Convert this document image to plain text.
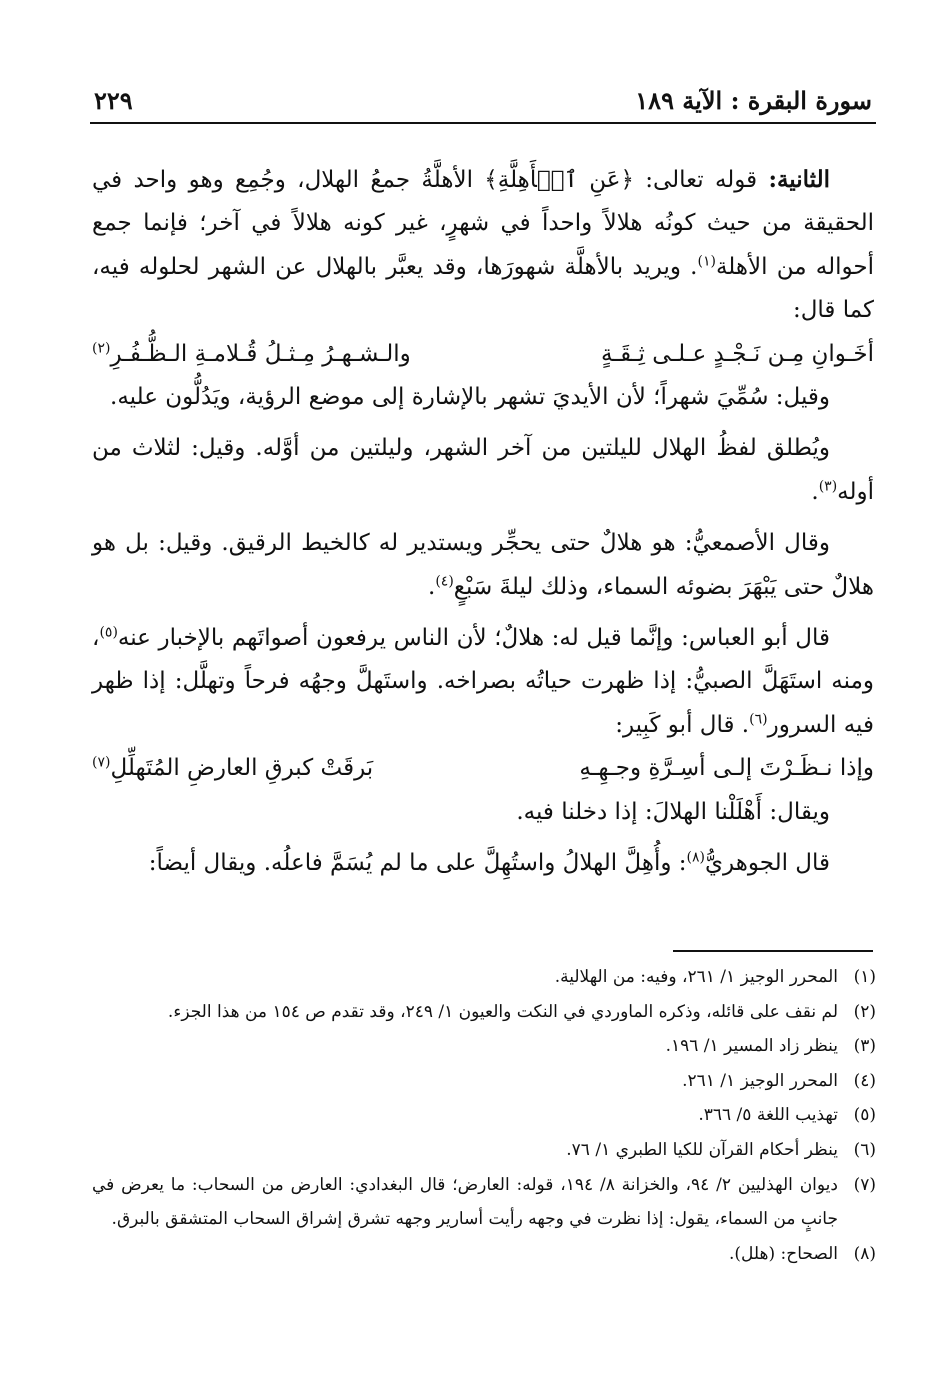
سورة البقرة : الآية ١٨٩
٢٢٩

الثانية: قوله تعالى: ﴿عَنِ ٱلۡأَهِلَّةِ﴾ الأهلَّةُ جمعُ الهلال، وجُمِع وهو واحد في الحقيقة من حيث كونُه هلالاً واحداً في شهرٍ، غير كونه هلالاً في آخر؛ فإنما جمع أحواله من الأهلة$^{(١)}$. ويريد بالأهلَّة شهورَها، وقد يعبَّر بالهلال عن الشهر لحلوله فيه، كما قال:

أخَـوانِ مِـن نَـجْـدٍ عـلـى ثِـقَـةٍ
والـشـهـرُ مِـثـلُ قُـلامـةِ الـظُّـفُـرِ$^{(٢)}$

وقيل: سُمِّيَ شهراً؛ لأن الأيديَ تشهر بالإشارة إلى موضع الرؤية، ويَدُلُّون عليه.

ويُطلق لفظُ الهلال لليلتين من آخر الشهر، وليلتين من أوَّله. وقيل: لثلاث من أوله$^{(٣)}$.

وقال الأصمعيُّ: هو هلالٌ حتى يحجِّر ويستدير له كالخيط الرقيق. وقيل: بل هو هلالٌ حتى يَبْهَرَ بضوئه السماء، وذلك ليلةَ سَبْعٍ$^{(٤)}$.

قال أبو العباس: وإنَّما قيل له: هلالٌ؛ لأن الناس يرفعون أصواتَهم بالإخبار عنه$^{(٥)}$، ومنه استَهَلَّ الصبيُّ: إذا ظهرت حياتُه بصراخه. واستَهلَّ وجهُه فرحاً وتهلَّل: إذا ظهر فيه السرور$^{(٦)}$. قال أبو كَبِير:

وإذا نـظَـرْتَ إلـى أسِـرَّةِ وجـهِـهِ
بَرقَتْ كبرقِ العارضِ المُتَهلِّلِ$^{(٧)}$

ويقال: أَهْلَلْنا الهلالَ: إذا دخلنا فيه.

قال الجوهريُّ$^{(٨)}$: وأُهِلَّ الهلالُ واستُهِلَّ على ما لم يُسَمَّ فاعلُه. ويقال أيضاً:

(١)
المحرر الوجيز ١/ ٢٦١، وفيه: من الهلالية.
(٢)
لم نقف على قائله، وذكره الماوردي في النكت والعيون ١/ ٢٤٩، وقد تقدم ص ١٥٤ من هذا الجزء.
(٣)
ينظر زاد المسير ١/ ١٩٦.
(٤)
المحرر الوجيز ١/ ٢٦١.
(٥)
تهذيب اللغة ٥/ ٣٦٦.
(٦)
ينظر أحكام القرآن للكيا الطبري ١/ ٧٦.
(٧)
ديوان الهذليين ٢/ ٩٤، والخزانة ٨/ ١٩٤، قوله: العارض؛ قال البغدادي: العارض من السحاب: ما يعرض في جانبٍ من السماء، يقول: إذا نظرت في وجهه رأيت أسارير وجهه تشرق إشراق السحاب المتشقق بالبرق.
(٨)
الصحاح: (هلل).
